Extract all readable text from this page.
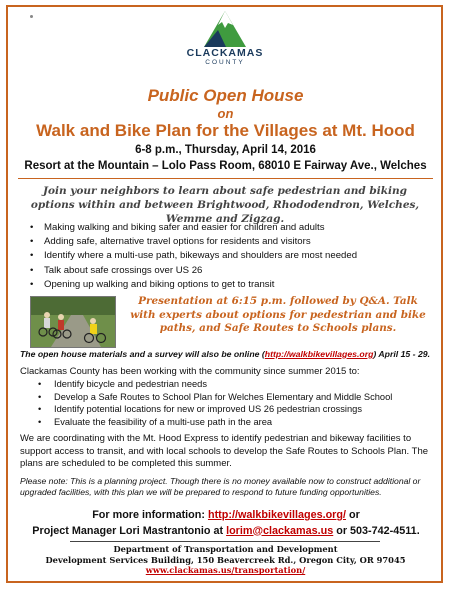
CLACKAMAS
COUNTY
Public Open House
on
Walk and Bike Plan for the Villages at Mt. Hood
6-8 p.m., Thursday, April 14, 2016
Resort at the Mountain – Lolo Pass Room, 68010 E Fairway Ave., Welches
Join your neighbors to learn about safe pedestrian and biking options within and between Brightwood, Rhododendron, Welches, Wemme and Zigzag.
• Making walking and biking safer and easier for children and adults
• Adding safe, alternative travel options for residents and visitors
• Identify where a multi-use path, bikeways and shoulders are most needed
• Talk about safe crossings over US 26
• Opening up walking and biking options to get to transit
Presentation at 6:15 p.m. followed by Q&A. Talk with experts about options for pedestrian and bike paths, and Safe Routes to Schools plans.
The open house materials and a survey will also be online (http://walkbikevillages.org) April 15 - 29.
Clackamas County has been working with the community since summer 2015 to:
• Identify bicycle and pedestrian needs
• Develop a Safe Routes to School Plan for Welches Elementary and Middle School
• Identify potential locations for new or improved US 26 pedestrian crossings
• Evaluate the feasibility of a multi-use path in the area
We are coordinating with the Mt. Hood Express to identify pedestrian and bikeway facilities to support access to transit, and with local schools to develop the Safe Routes to Schools Plan. The plans are scheduled to be completed this summer.
Please note: This is a planning project. Though there is no money available now to construct additional or upgraded facilities, with this plan we will be prepared to respond to future funding opportunities.
For more information: http://walkbikevillages.org/ or
Project Manager Lori Mastrantonio at lorim@clackamas.us or 503-742-4511.
Department of Transportation and Development
Development Services Building, 150 Beavercreek Rd., Oregon City, OR 97045
www.clackamas.us/transportation/
